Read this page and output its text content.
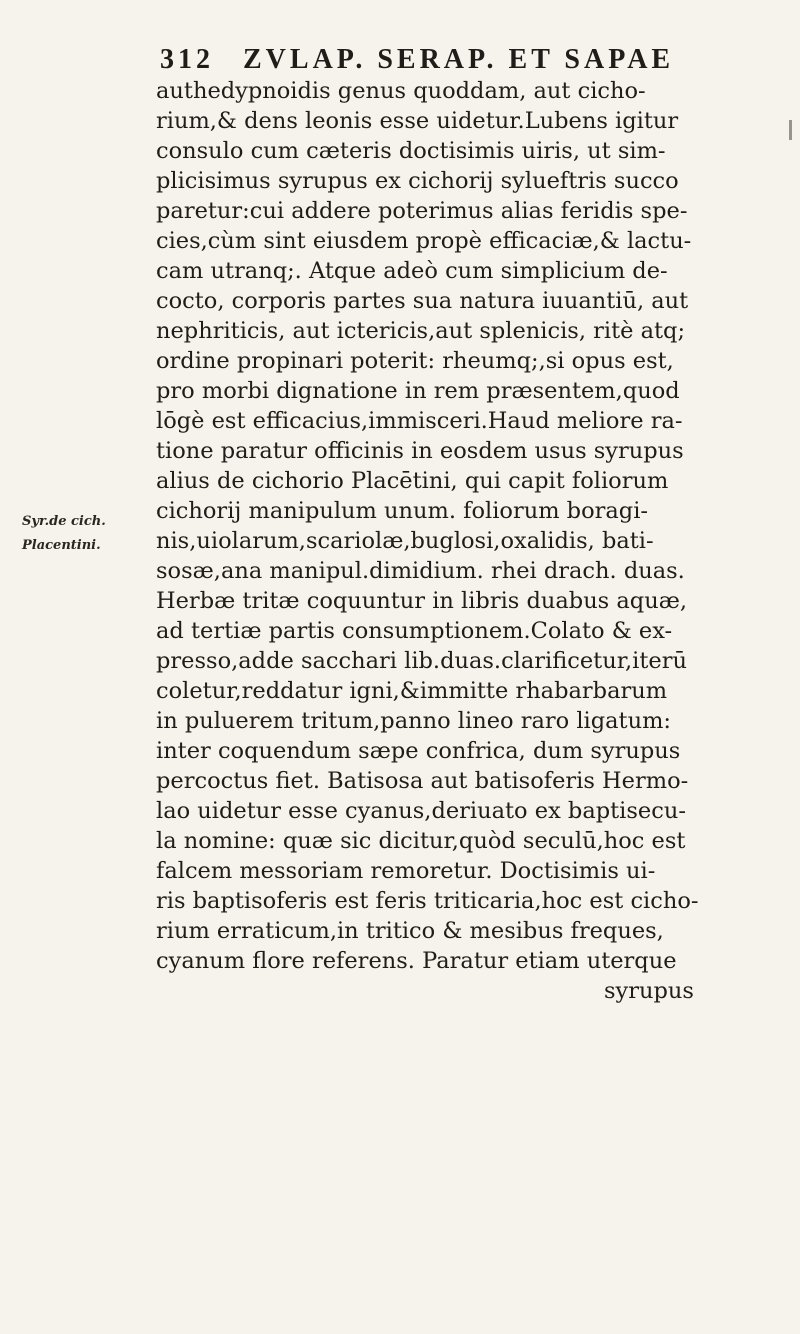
312 ZVLAP. SERAP. ET SAPAE
Syr.de cich.
Placentini.
authedypnoidis genus quoddam, aut cicho-
rium,& dens leonis esse uidetur.Lubens igitur
consulo cum cæteris doctisimis uiris, ut sim-
plicisimus syrupus ex cichorij sylueftris succo
paretur:cui addere poterimus alias feridis spe-
cies,cùm sint eiusdem propè efficaciæ,& lactu-
cam utranq;. Atque adeò cum simplicium de-
cocto, corporis partes sua natura iuuantiū, aut
nephriticis, aut ictericis,aut splenicis, ritè atq;
ordine propinari poterit: rheumq;,si opus est,
pro morbi dignatione in rem præsentem,quod
lōgè est efficacius,immisceri.Haud meliore ra-
tione paratur officinis in eosdem usus syrupus
alius de cichorio Placētini, qui capit foliorum
cichorij manipulum unum. foliorum boragi-
nis,uiolarum,scariolæ,buglosi,oxalidis, bati-
sosæ,ana manipul.dimidium. rhei drach. duas.
Herbæ tritæ coquuntur in libris duabus aquæ,
ad tertiæ partis consumptionem.Colato & ex-
presso,adde sacchari lib.duas.clarificetur,iterū
coletur,reddatur igni,&immitte rhabarbarum
in puluerem tritum,panno lineo raro ligatum:
inter coquendum sæpe confrica, dum syrupus
percoctus fiet. Batisosa aut batisoferis Hermo-
lao uidetur esse cyanus,deriuato ex baptisecu-
la nomine: quæ sic dicitur,quòd seculū,hoc est
falcem messoriam remoretur. Doctisimis ui-
ris baptisoferis est feris triticaria,hoc est cicho-
rium erraticum,in tritico & mesibus freques,
cyanum flore referens. Paratur etiam uterque
syrupus
